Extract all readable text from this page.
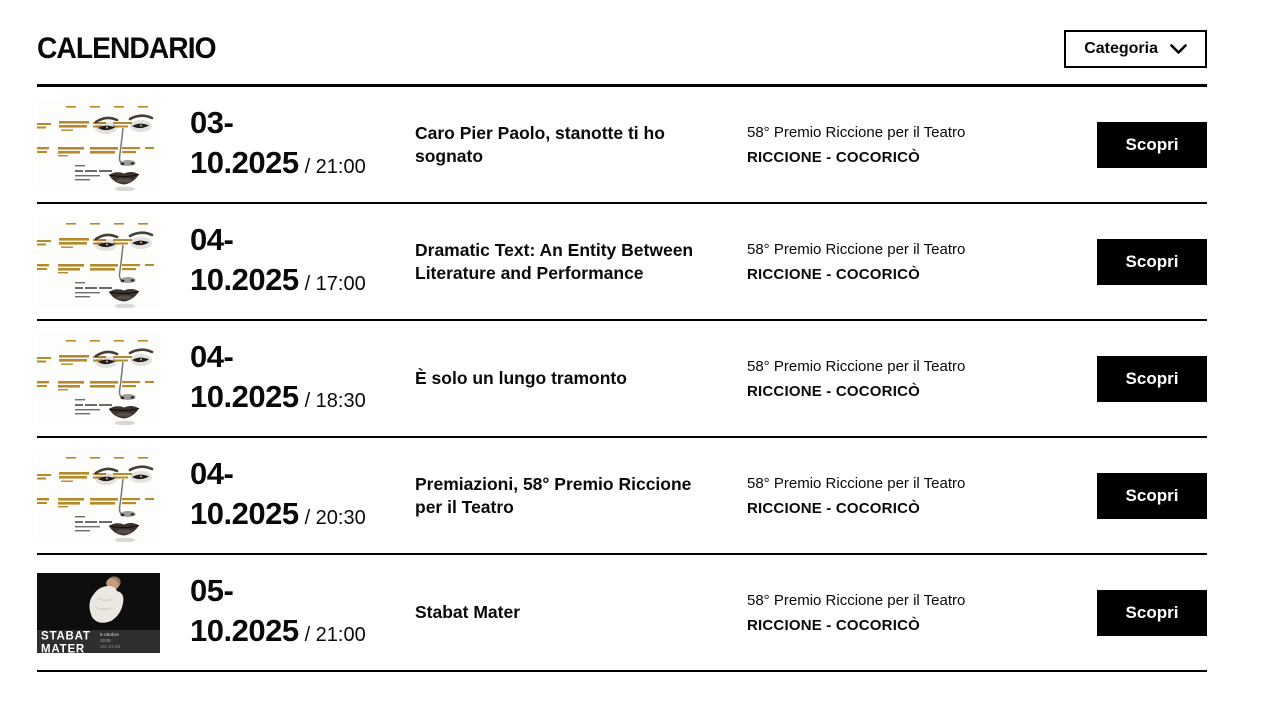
CALENDARIO	Categoria
03-
10.2025 / 21:00
Caro Pier Paolo, stanotte ti ho sognato

58° Premio Riccione per il Teatro

RICCIONE - COCORICÒ

Scopri
04-
10.2025 / 17:00
Dramatic Text: An Entity Between Literature and Performance

58° Premio Riccione per il Teatro

RICCIONE - COCORICÒ

Scopri
04-
10.2025 / 18:30
È solo un lungo tramonto

58° Premio Riccione per il Teatro

RICCIONE - COCORICÒ

Scopri
04-
10.2025 / 20:30
Premiazioni, 58° Premio Riccione per il Teatro

58° Premio Riccione per il Teatro

RICCIONE - COCORICÒ

Scopri
STABAT
MATER
5 ottobre
2025
ore 21:00
05-
10.2025 / 21:00
Stabat Mater

58° Premio Riccione per il Teatro

RICCIONE - COCORICÒ

Scopri
